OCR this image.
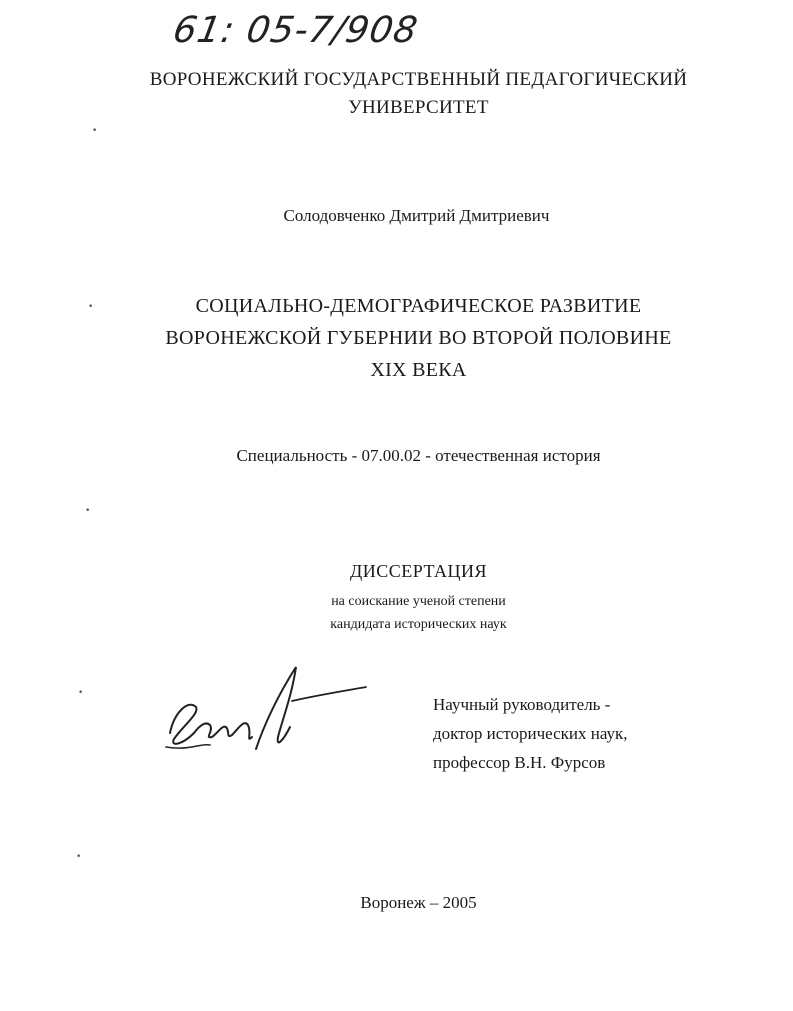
61: 05-7/908
ВОРОНЕЖСКИЙ ГОСУДАРСТВЕННЫЙ ПЕДАГОГИЧЕСКИЙ
УНИВЕРСИТЕТ
Солодовченко Дмитрий Дмитриевич
СОЦИАЛЬНО-ДЕМОГРАФИЧЕСКОЕ РАЗВИТИЕ
ВОРОНЕЖСКОЙ ГУБЕРНИИ ВО ВТОРОЙ ПОЛОВИНЕ
XIX ВЕКА
Специальность - 07.00.02 - отечественная история
ДИССЕРТАЦИЯ
на соискание ученой степени
кандидата исторических наук
Научный руководитель -
доктор исторических наук,
профессор В.Н. Фурсов
Воронеж – 2005
•
•
•
•
•
